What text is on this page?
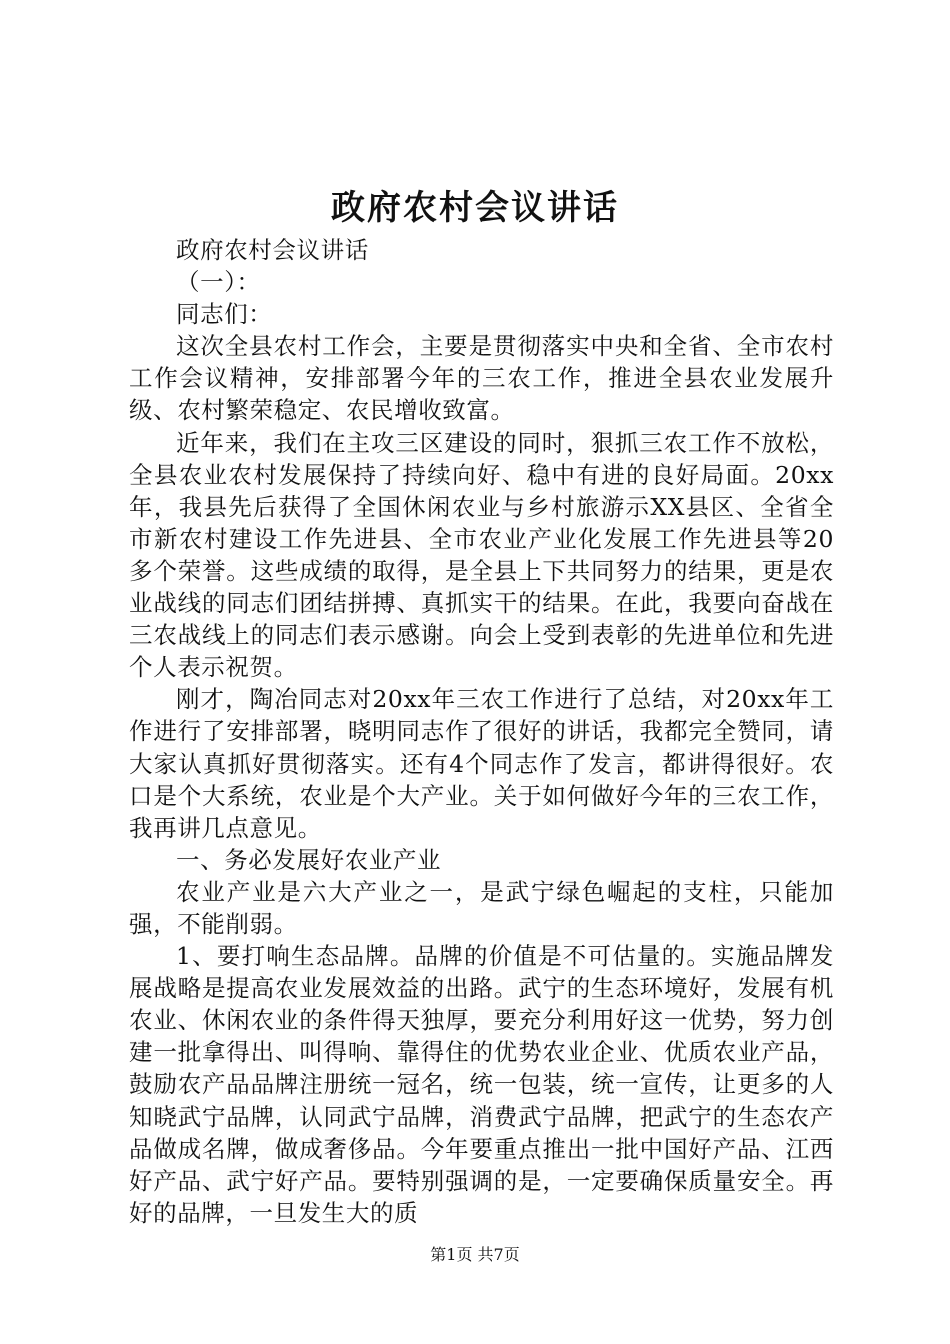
政府农村会议讲话

政府农村会议讲话

（一）：

同志们：

这次全县农村工作会，主要是贯彻落实中央和全省、全市农村工作会议精神，安排部署今年的三农工作，推进全县农业发展升级、农村繁荣稳定、农民增收致富。

近年来，我们在主攻三区建设的同时，狠抓三农工作不放松，全县农业农村发展保持了持续向好、稳中有进的良好局面。20xx年，我县先后获得了全国休闲农业与乡村旅游示XX县区、全省全市新农村建设工作先进县、全市农业产业化发展工作先进县等20多个荣誉。这些成绩的取得，是全县上下共同努力的结果，更是农业战线的同志们团结拼搏、真抓实干的结果。在此，我要向奋战在三农战线上的同志们表示感谢。向会上受到表彰的先进单位和先进个人表示祝贺。

刚才，陶冶同志对20xx年三农工作进行了总结，对20xx年工作进行了安排部署，晓明同志作了很好的讲话，我都完全赞同，请大家认真抓好贯彻落实。还有4个同志作了发言，都讲得很好。农口是个大系统，农业是个大产业。关于如何做好今年的三农工作，我再讲几点意见。

一、务必发展好农业产业

农业产业是六大产业之一，是武宁绿色崛起的支柱，只能加强，不能削弱。

1、要打响生态品牌。品牌的价值是不可估量的。实施品牌发展战略是提高农业发展效益的出路。武宁的生态环境好，发展有机农业、休闲农业的条件得天独厚，要充分利用好这一优势，努力创建一批拿得出、叫得响、靠得住的优势农业企业、优质农业产品，鼓励农产品品牌注册统一冠名，统一包装，统一宣传，让更多的人知晓武宁品牌，认同武宁品牌，消费武宁品牌，把武宁的生态农产品做成名牌，做成奢侈品。今年要重点推出一批中国好产品、江西好产品、武宁好产品。要特别强调的是，一定要确保质量安全。再好的品牌，一旦发生大的质

第1页 共7页
